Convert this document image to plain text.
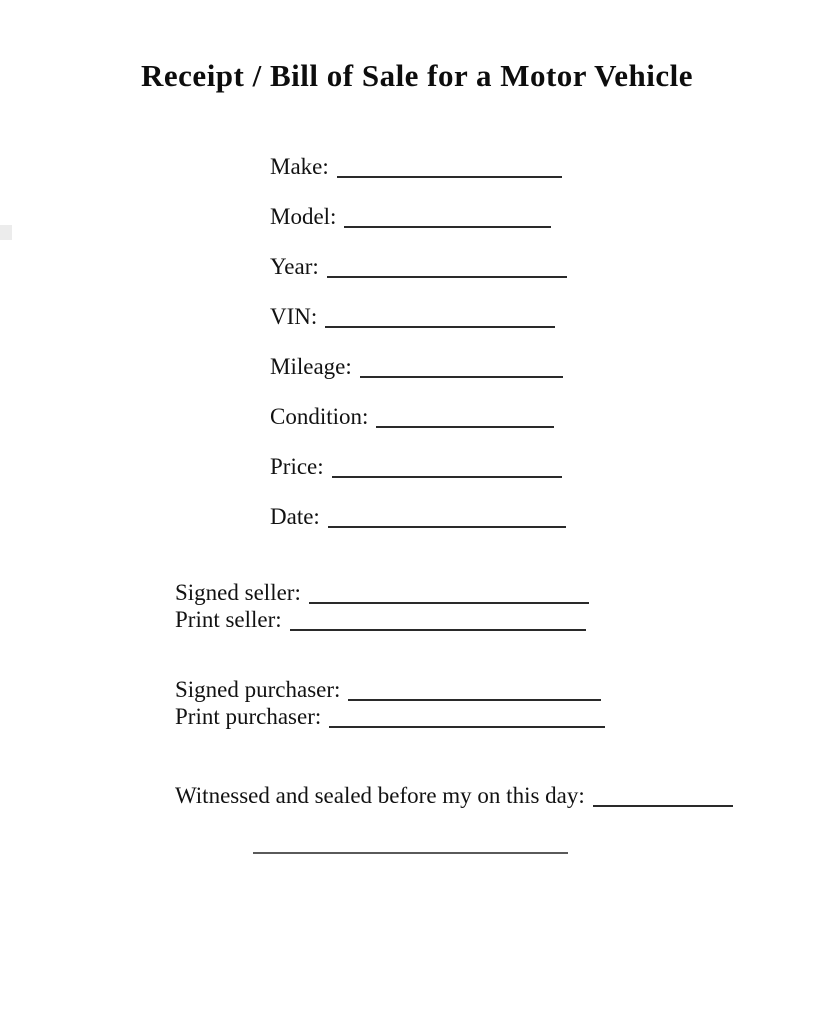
Receipt / Bill of Sale for a Motor Vehicle
Make:
Model:
Year:
VIN:
Mileage:
Condition:
Price:
Date:
Signed seller:
Print seller:
Signed purchaser:
Print purchaser:
Witnessed and sealed before my on this day:
